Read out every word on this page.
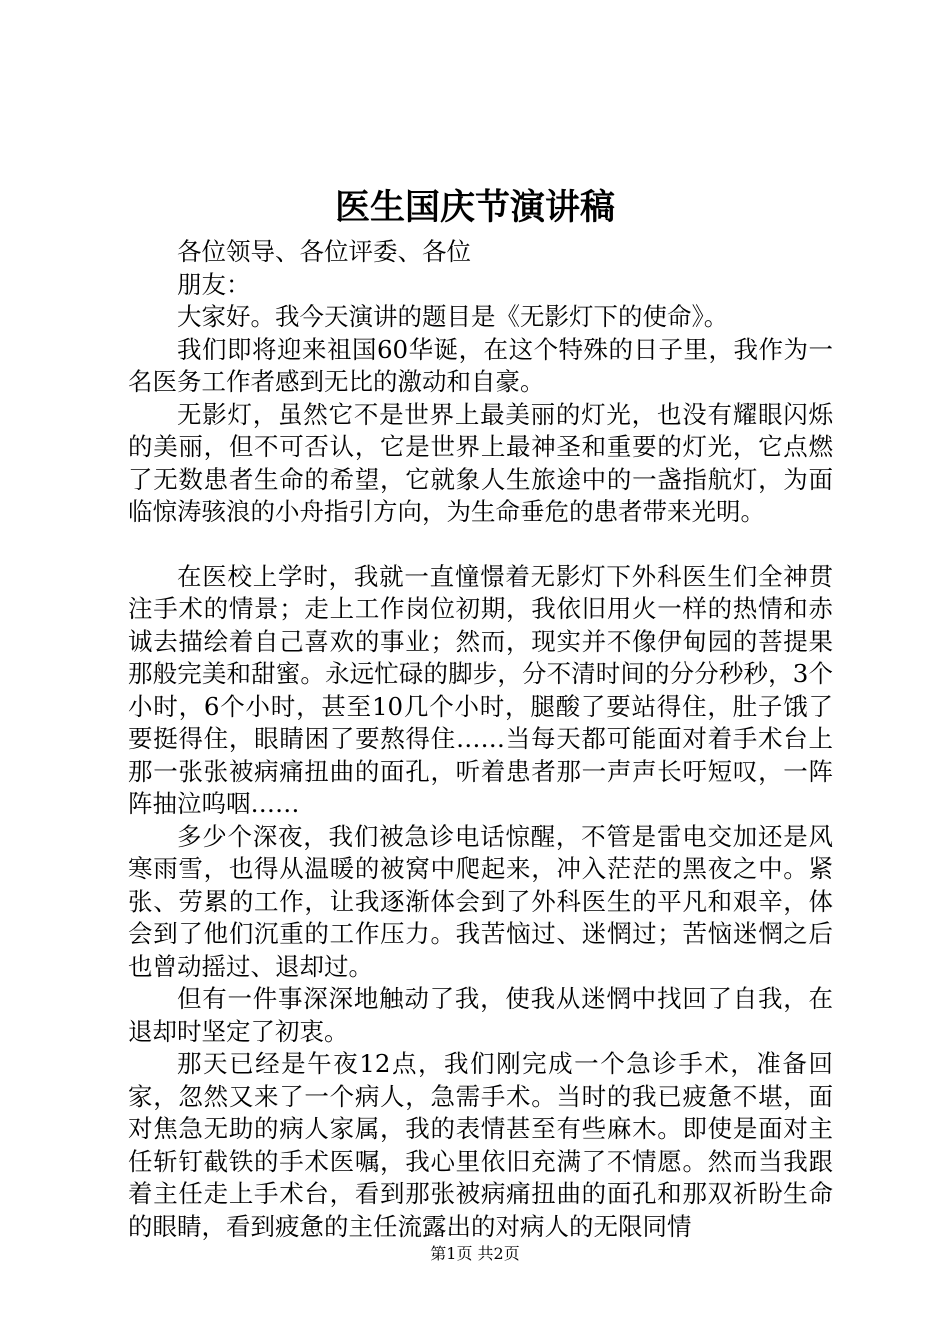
医生国庆节演讲稿

各位领导、各位评委、各位

朋友：

大家好。我今天演讲的题目是《无影灯下的使命》。

我们即将迎来祖国60华诞，在这个特殊的日子里，我作为一名医务工作者感到无比的激动和自豪。

无影灯，虽然它不是世界上最美丽的灯光，也没有耀眼闪烁的美丽，但不可否认，它是世界上最神圣和重要的灯光，它点燃了无数患者生命的希望，它就象人生旅途中的一盏指航灯，为面临惊涛骇浪的小舟指引方向，为生命垂危的患者带来光明。

在医校上学时，我就一直憧憬着无影灯下外科医生们全神贯注手术的情景；走上工作岗位初期，我依旧用火一样的热情和赤诚去描绘着自己喜欢的事业；然而，现实并不像伊甸园的菩提果那般完美和甜蜜。永远忙碌的脚步，分不清时间的分分秒秒，3个小时，6个小时，甚至10几个小时，腿酸了要站得住，肚子饿了要挺得住，眼睛困了要熬得住……当每天都可能面对着手术台上那一张张被病痛扭曲的面孔，听着患者那一声声长吁短叹，一阵阵抽泣呜咽……

多少个深夜，我们被急诊电话惊醒，不管是雷电交加还是风寒雨雪，也得从温暖的被窝中爬起来，冲入茫茫的黑夜之中。紧张、劳累的工作，让我逐渐体会到了外科医生的平凡和艰辛，体会到了他们沉重的工作压力。我苦恼过、迷惘过；苦恼迷惘之后也曾动摇过、退却过。

但有一件事深深地触动了我，使我从迷惘中找回了自我，在退却时坚定了初衷。

那天已经是午夜12点，我们刚完成一个急诊手术，准备回家，忽然又来了一个病人，急需手术。当时的我已疲惫不堪，面对焦急无助的病人家属，我的表情甚至有些麻木。即使是面对主任斩钉截铁的手术医嘱，我心里依旧充满了不情愿。然而当我跟着主任走上手术台，看到那张被病痛扭曲的面孔和那双祈盼生命的眼睛，看到疲惫的主任流露出的对病人的无限同情

第1页 共2页
